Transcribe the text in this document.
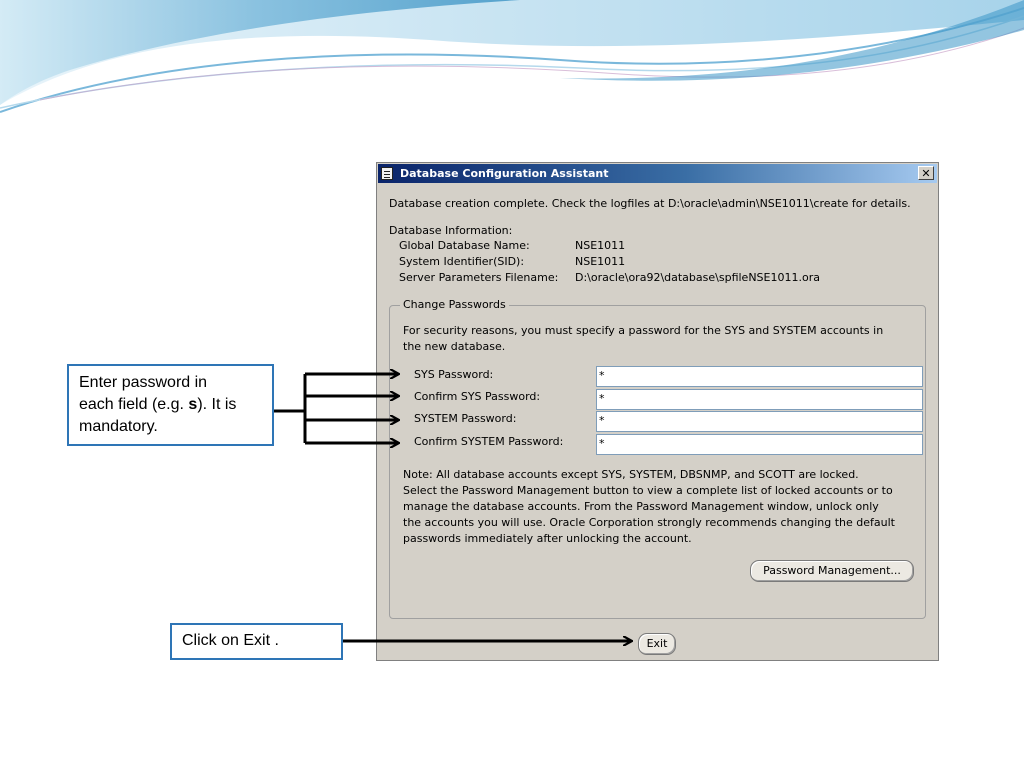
Database Configuration Assistant	✕
Database creation complete. Check the logfiles at D:\oracle\admin\NSE1011\create for details.
Database Information:
Global Database Name:	NSE1011
System Identifier(SID):	NSE1011
Server Parameters Filename: D:\oracle\ora92\database\spfileNSE1011.ora
Change Passwords
For security reasons, you must specify a password for the SYS and SYSTEM accounts in
the new database.
SYS Password:	*
Confirm SYS Password:	*
SYSTEM Password:	*
Confirm SYSTEM Password:	*
Note: All database accounts except SYS, SYSTEM, DBSNMP, and SCOTT are locked.
Select the Password Management button to view a complete list of locked accounts or to
manage the database accounts. From the Password Management window, unlock only
the accounts you will use. Oracle Corporation strongly recommends changing the default
passwords immediately after unlocking the account.
Password Management...
Exit
Enter password in
each field (e.g. s). It is
mandatory.
Click on Exit .
